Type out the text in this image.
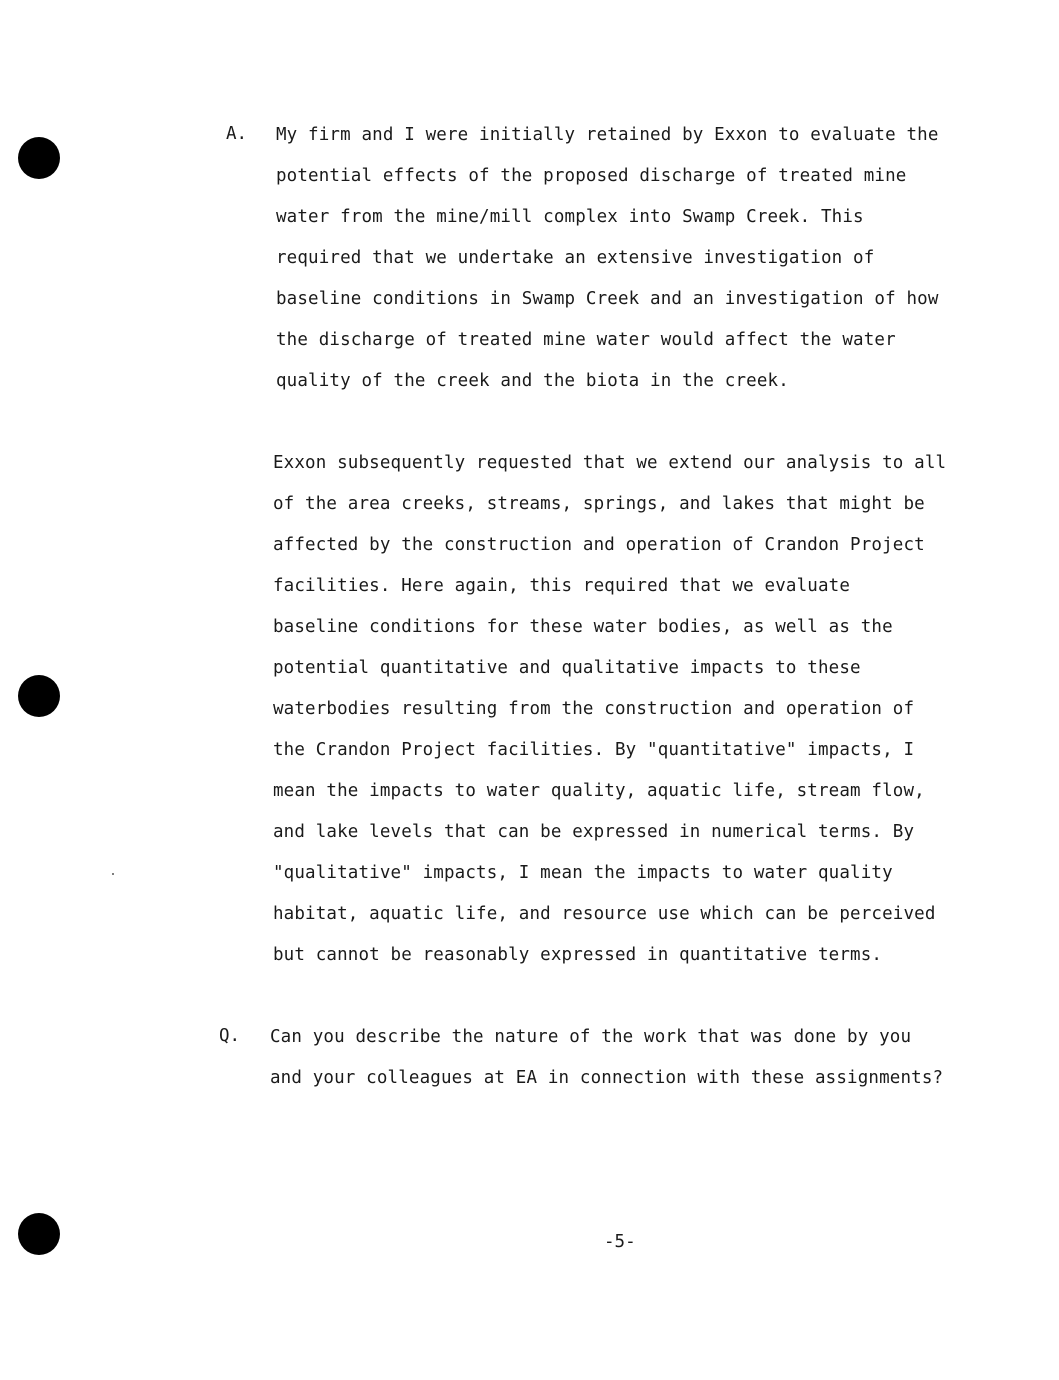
A. My firm and I were initially retained by Exxon to evaluate the
potential effects of the proposed discharge of treated mine
water from the mine/mill complex into Swamp Creek. This
required that we undertake an extensive investigation of
baseline conditions in Swamp Creek and an investigation of how
the discharge of treated mine water would affect the water
quality of the creek and the biota in the creek.
Exxon subsequently requested that we extend our analysis to all
of the area creeks, streams, springs, and lakes that might be
affected by the construction and operation of Crandon Project
facilities. Here again, this required that we evaluate
baseline conditions for these water bodies, as well as the
potential quantitative and qualitative impacts to these
waterbodies resulting from the construction and operation of
the Crandon Project facilities. By "quantitative" impacts, I
mean the impacts to water quality, aquatic life, stream flow,
and lake levels that can be expressed in numerical terms. By
"qualitative" impacts, I mean the impacts to water quality
habitat, aquatic life, and resource use which can be perceived
but cannot be reasonably expressed in quantitative terms.
Q. Can you describe the nature of the work that was done by you
and your colleagues at EA in connection with these assignments?
-5-
